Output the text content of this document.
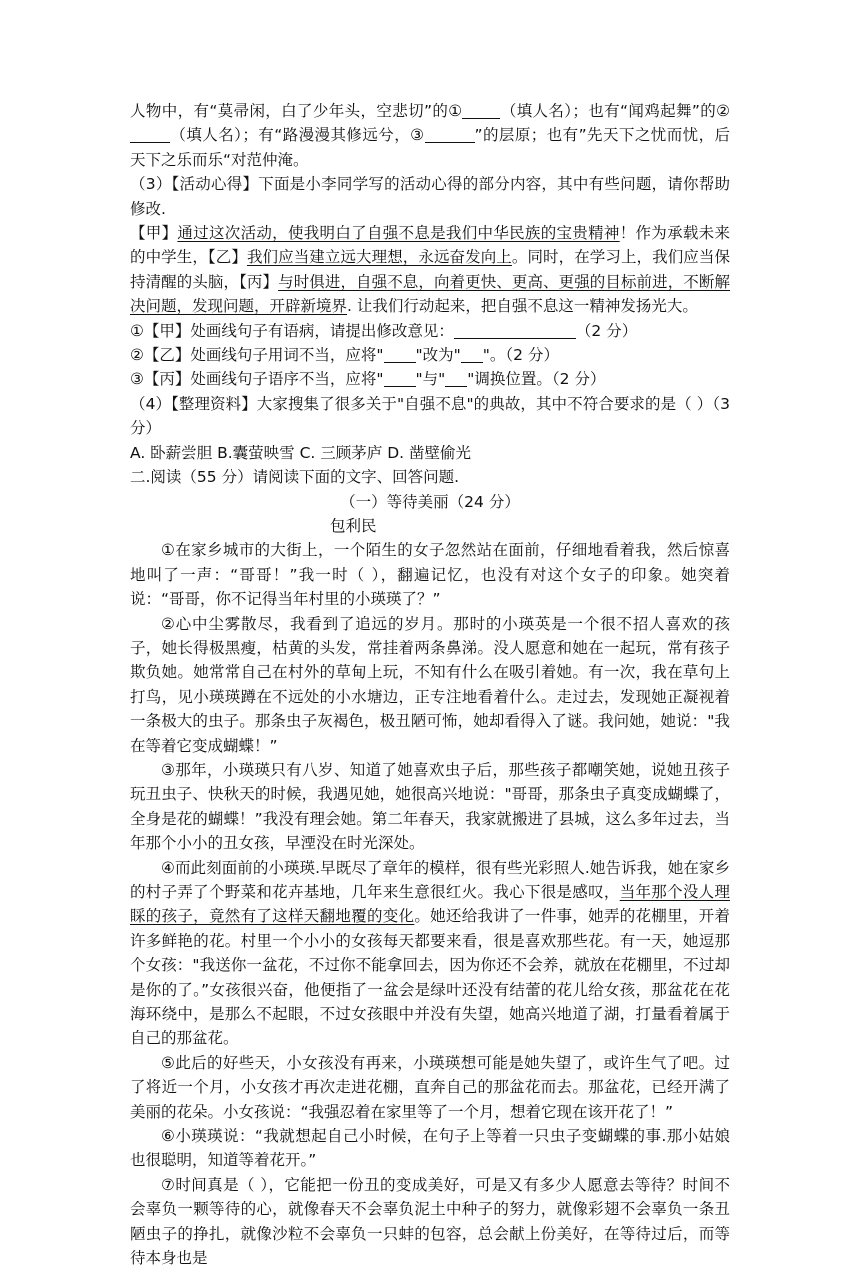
人物中，有“莫帚闲，白了少年头，空悲切”的① （填人名）；也有“闻鸡起舞”的②（填人名）；有“路漫漫其修远兮，③	”的层原；也有”先天下之忧而忧，后天下之乐而乐“对范仲淹。

（3）【活动心得】下面是小李同学写的活动心得的部分内容，其中有些问题，请你帮助修改.

【甲】通过这次活动，使我明白了自强不息是我们中华民族的宝贵精神！作为承载未来的中学生，【乙】我们应当建立远大理想，永远奋发向上。同时，在学习上，我们应当保持清醒的头脑，【丙】与时俱进，自强不息，向着更快、更高、更强的目标前进，不断解决问题，发现问题，开辟新境界. 让我们行动起来，把自强不息这一精神发扬光大。

①【甲】处画线句子有语病，请提出修改意见：	（2 分）

②【乙】处画线句子用词不当，应将" "改为" "。（2 分）

③【丙】处画线句子语序不当，应将" "与" "调换位置。（2 分）

（4）【整理资料】大家搜集了很多关于"自强不息"的典故，其中不符合要求的是（ ）（3 分）

A. 卧薪尝胆 B.囊萤映雪 C. 三顾茅庐 D. 凿壁偷光

二.阅读（55 分）请阅读下面的文字、回答问题.

（一）等待美丽（24 分）

包利民

①在家乡城市的大街上，一个陌生的女子忽然站在面前，仔细地看着我，然后惊喜地叫了一声：“哥哥！”我一时（ ），翻遍记忆，也没有对这个女子的印象。她突着说：“哥哥，你不记得当年村里的小瑛瑛了？”

②心中尘雾散尽，我看到了追远的岁月。那时的小瑛英是一个很不招人喜欢的孩子，她长得极黑瘦，枯黄的头发，常挂着两条鼻涕。没人愿意和她在一起玩，常有孩子欺负她。她常常自己在村外的草甸上玩，不知有什么在吸引着她。有一次，我在草句上打鸟，见小瑛瑛蹲在不远处的小水塘边，正专注地看着什么。走过去，发现她正凝视着一条极大的虫子。那条虫子灰褐色，极丑陋可怖，她却看得入了谜。我问她，她说："我在等着它变成蝴蝶！”

③那年，小瑛瑛只有八岁、知道了她喜欢虫子后，那些孩子都嘲笑她，说她丑孩子玩丑虫子、快秋天的时候，我遇见她，她很高兴地说："哥哥，那条虫子真变成蝴蝶了，全身是花的蝴蝶！”我没有理会她。第二年春天，我家就搬进了县城，这么多年过去，当年那个小小的丑女孩，早湮没在时光深处。

④而此刻面前的小瑛瑛.早既尽了章年的模样，很有些光彩照人.她告诉我，她在家乡的村子弄了个野菜和花卉基地，几年来生意很红火。我心下很是感叹，当年那个没人理睬的孩子，竟然有了这样天翻地覆的变化。她还给我讲了一件事，她弄的花棚里，开着许多鲜艳的花。村里一个小小的女孩每天都要来看，很是喜欢那些花。有一天，她逗那个女孩："我送你一盆花，不过你不能拿回去，因为你还不会养，就放在花棚里，不过却是你的了。”女孩很兴奋，他便指了一盆会是绿叶还没有结蕾的花儿给女孩，那盆花在花海环绕中，是那么不起眼，不过女孩眼中并没有失望，她高兴地道了湖，打量看着属于自己的那盆花。

⑤此后的好些天，小女孩没有再来，小瑛瑛想可能是她失望了，或许生气了吧。过了将近一个月，小女孩才再次走进花棚，直奔自己的那盆花而去。那盆花，已经开满了美丽的花朵。小女孩说：“我强忍着在家里等了一个月，想着它现在该开花了！”

⑥小瑛瑛说：“我就想起自己小时候，在句子上等着一只虫子变蝴蝶的事.那小姑娘也很聪明，知道等着花开。”

⑦时间真是（ ），它能把一份丑的变成美好，可是又有多少人愿意去等待？时间不会辜负一颗等待的心，就像春天不会辜负泥土中种子的努力，就像彩翅不会辜负一条丑陋虫子的挣扎，就像沙粒不会辜负一只蚌的包容，总会献上份美好，在等待过后，而等待本身也是
